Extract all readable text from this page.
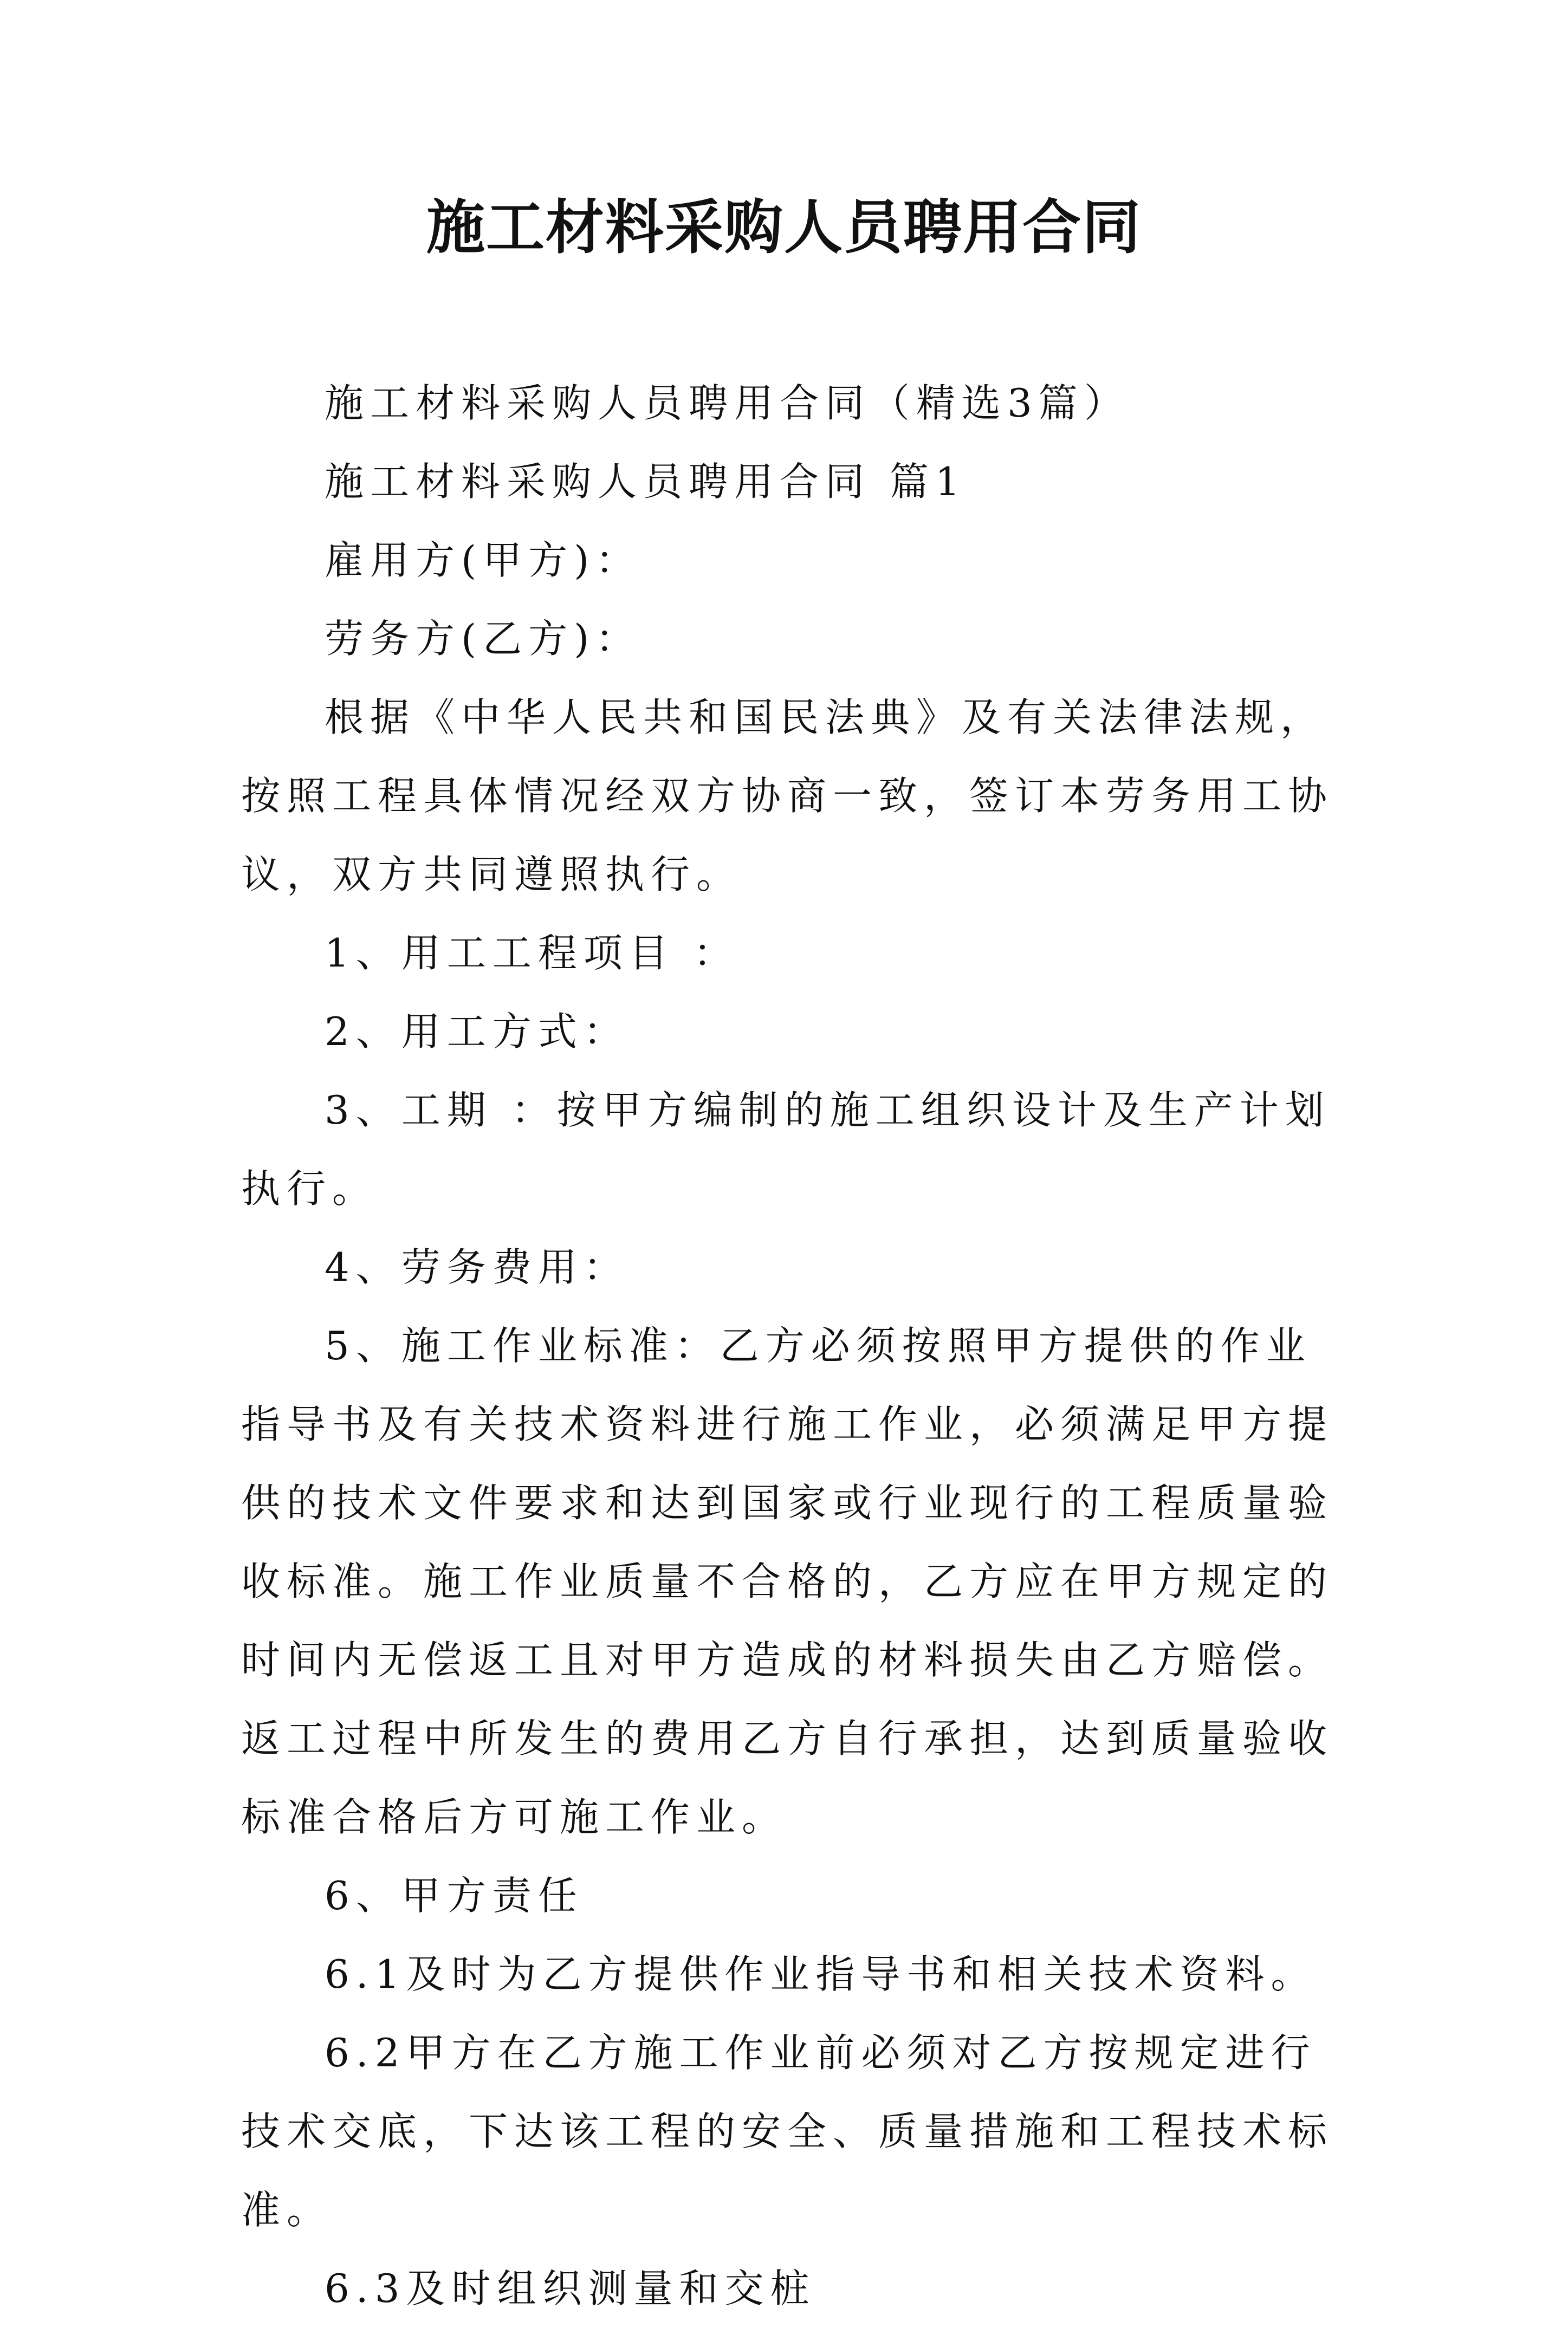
施工材料采购人员聘用合同

施工材料采购人员聘用合同（精选3篇）

施工材料采购人员聘用合同 篇1

雇用方(甲方)：

劳务方(乙方)：

根据《中华人民共和国民法典》及有关法律法规，按照工程具体情况经双方协商一致，签订本劳务用工协议，双方共同遵照执行。

1、用工工程项目 ：

2、用工方式：

3、工期 ：按甲方编制的施工组织设计及生产计划执行。

4、劳务费用：

5、施工作业标准：乙方必须按照甲方提供的作业指导书及有关技术资料进行施工作业，必须满足甲方提供的技术文件要求和达到国家或行业现行的工程质量验收标准。施工作业质量不合格的，乙方应在甲方规定的时间内无偿返工且对甲方造成的材料损失由乙方赔偿。返工过程中所发生的费用乙方自行承担，达到质量验收标准合格后方可施工作业。

6、甲方责任

6.1及时为乙方提供作业指导书和相关技术资料。

6.2甲方在乙方施工作业前必须对乙方按规定进行技术交底，下达该工程的安全、质量措施和工程技术标准。

6.3及时组织测量和交桩
